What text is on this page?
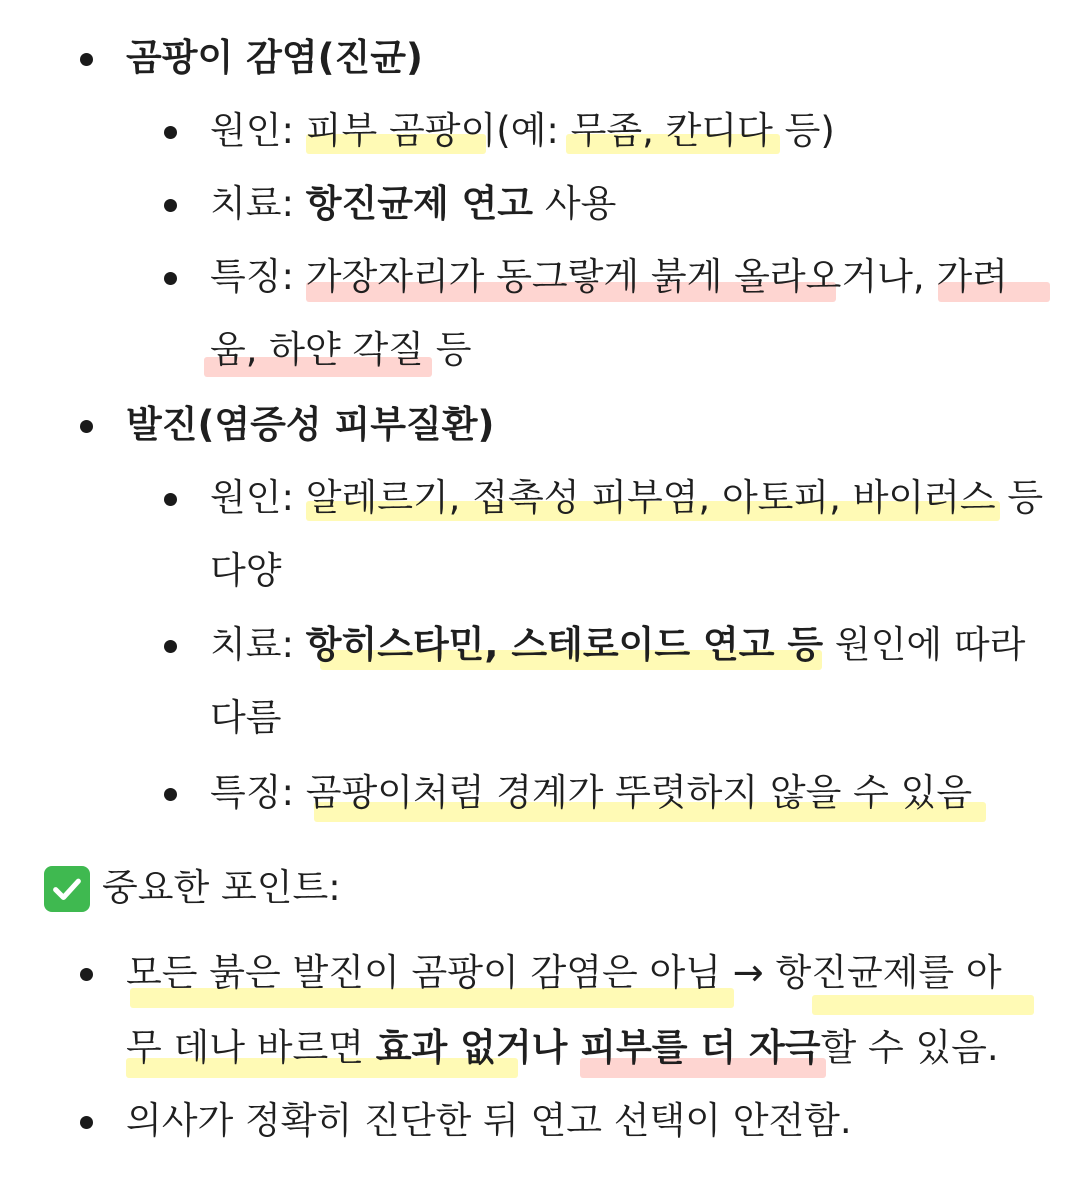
곰팡이 감염(진균)
원인: 피부 곰팡이(예: 무좀, 칸디다 등)
치료: 항진균제 연고 사용
특징: 가장자리가 동그랗게 붉게 올라오거나, 가려
움, 하얀 각질 등
발진(염증성 피부질환)
원인: 알레르기, 접촉성 피부염, 아토피, 바이러스 등
다양
치료: 항히스타민, 스테로이드 연고 등 원인에 따라
다름
특징: 곰팡이처럼 경계가 뚜렷하지 않을 수 있음
중요한 포인트:
모든 붉은 발진이 곰팡이 감염은 아님 → 항진균제를 아
무 데나 바르면 효과 없거나 피부를 더 자극할 수 있음.
의사가 정확히 진단한 뒤 연고 선택이 안전함.
